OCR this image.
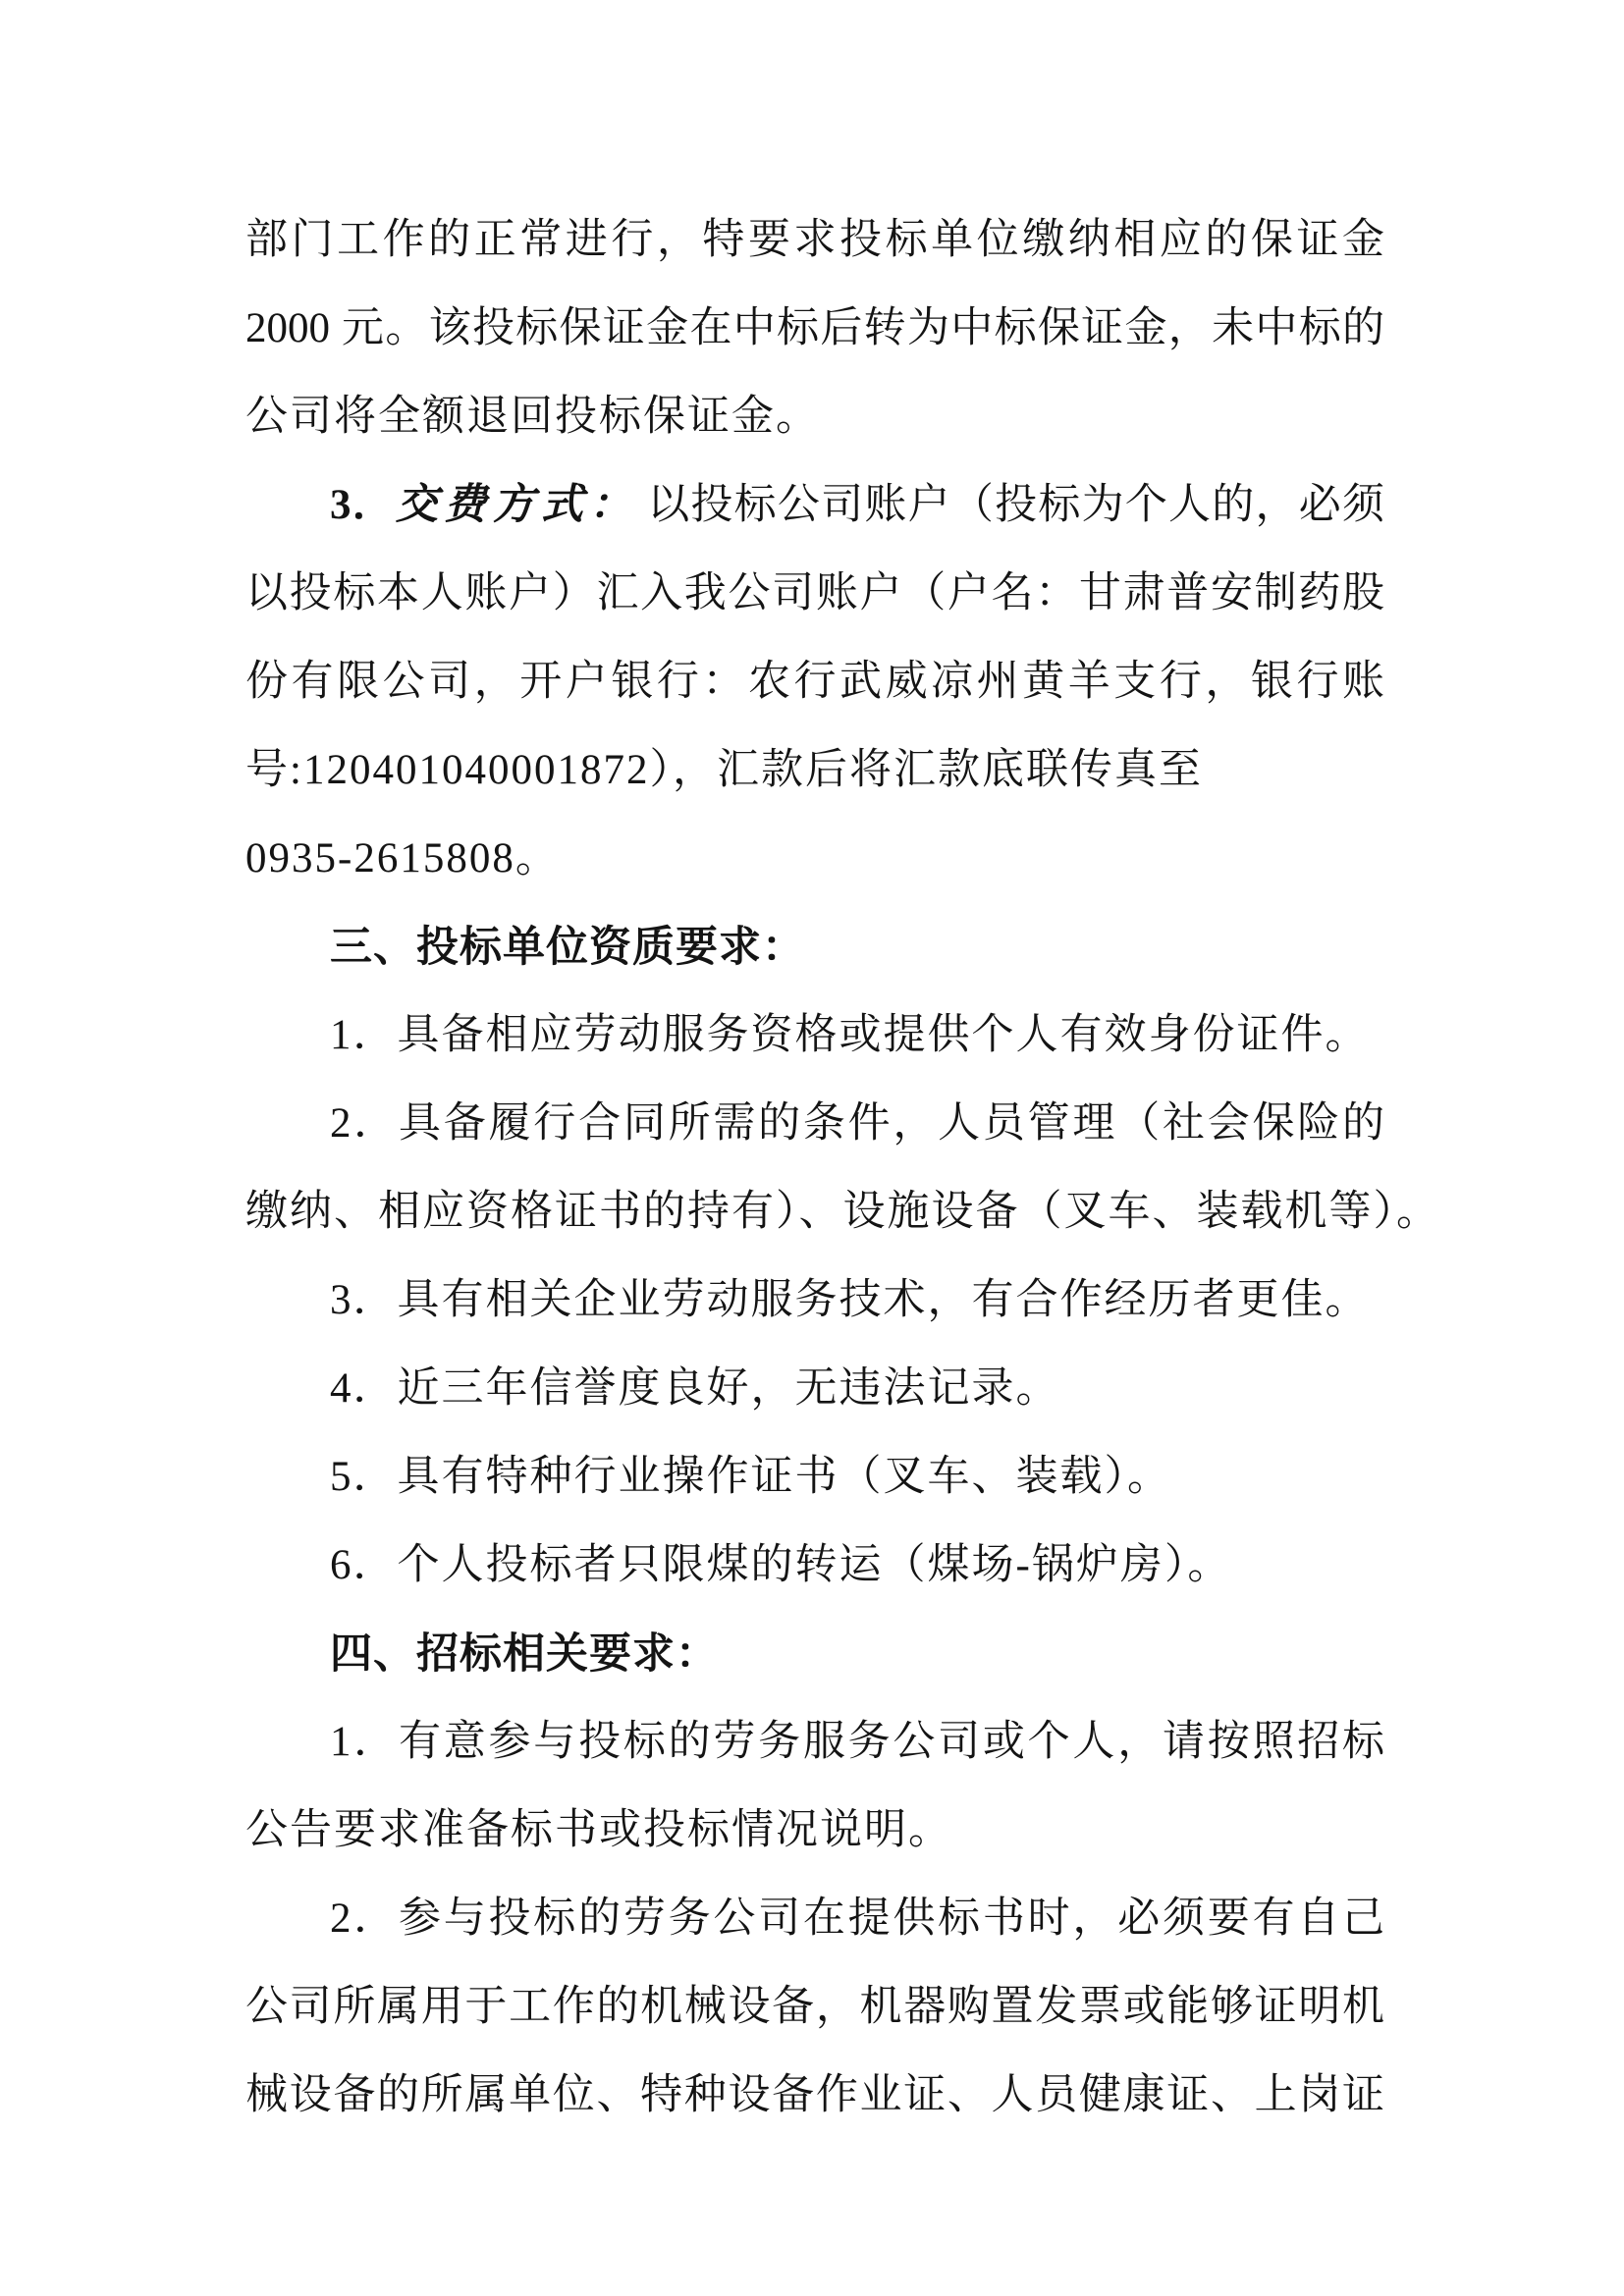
部门工作的正常进行，特要求投标单位缴纳相应的保证金
2000 元。该投标保证金在中标后转为中标保证金，未中标的
公司将全额退回投标保证金。
3．交费方式： 以投标公司账户（投标为个人的，必须
以投标本人账户）汇入我公司账户（户名：甘肃普安制药股
份有限公司，开户银行：农行武威凉州黄羊支行，银行账
号:120401040001872），汇款后将汇款底联传真至
0935-2615808。
三、投标单位资质要求：
1．具备相应劳动服务资格或提供个人有效身份证件。
2．具备履行合同所需的条件，人员管理（社会保险的
缴纳、相应资格证书的持有）、设施设备（叉车、装载机等）。
3．具有相关企业劳动服务技术，有合作经历者更佳。
4．近三年信誉度良好，无违法记录。
5．具有特种行业操作证书（叉车、装载）。
6．个人投标者只限煤的转运（煤场-锅炉房）。
四、招标相关要求：
1．有意参与投标的劳务服务公司或个人，请按照招标
公告要求准备标书或投标情况说明。
2．参与投标的劳务公司在提供标书时，必须要有自己
公司所属用于工作的机械设备，机器购置发票或能够证明机
械设备的所属单位、特种设备作业证、人员健康证、上岗证
